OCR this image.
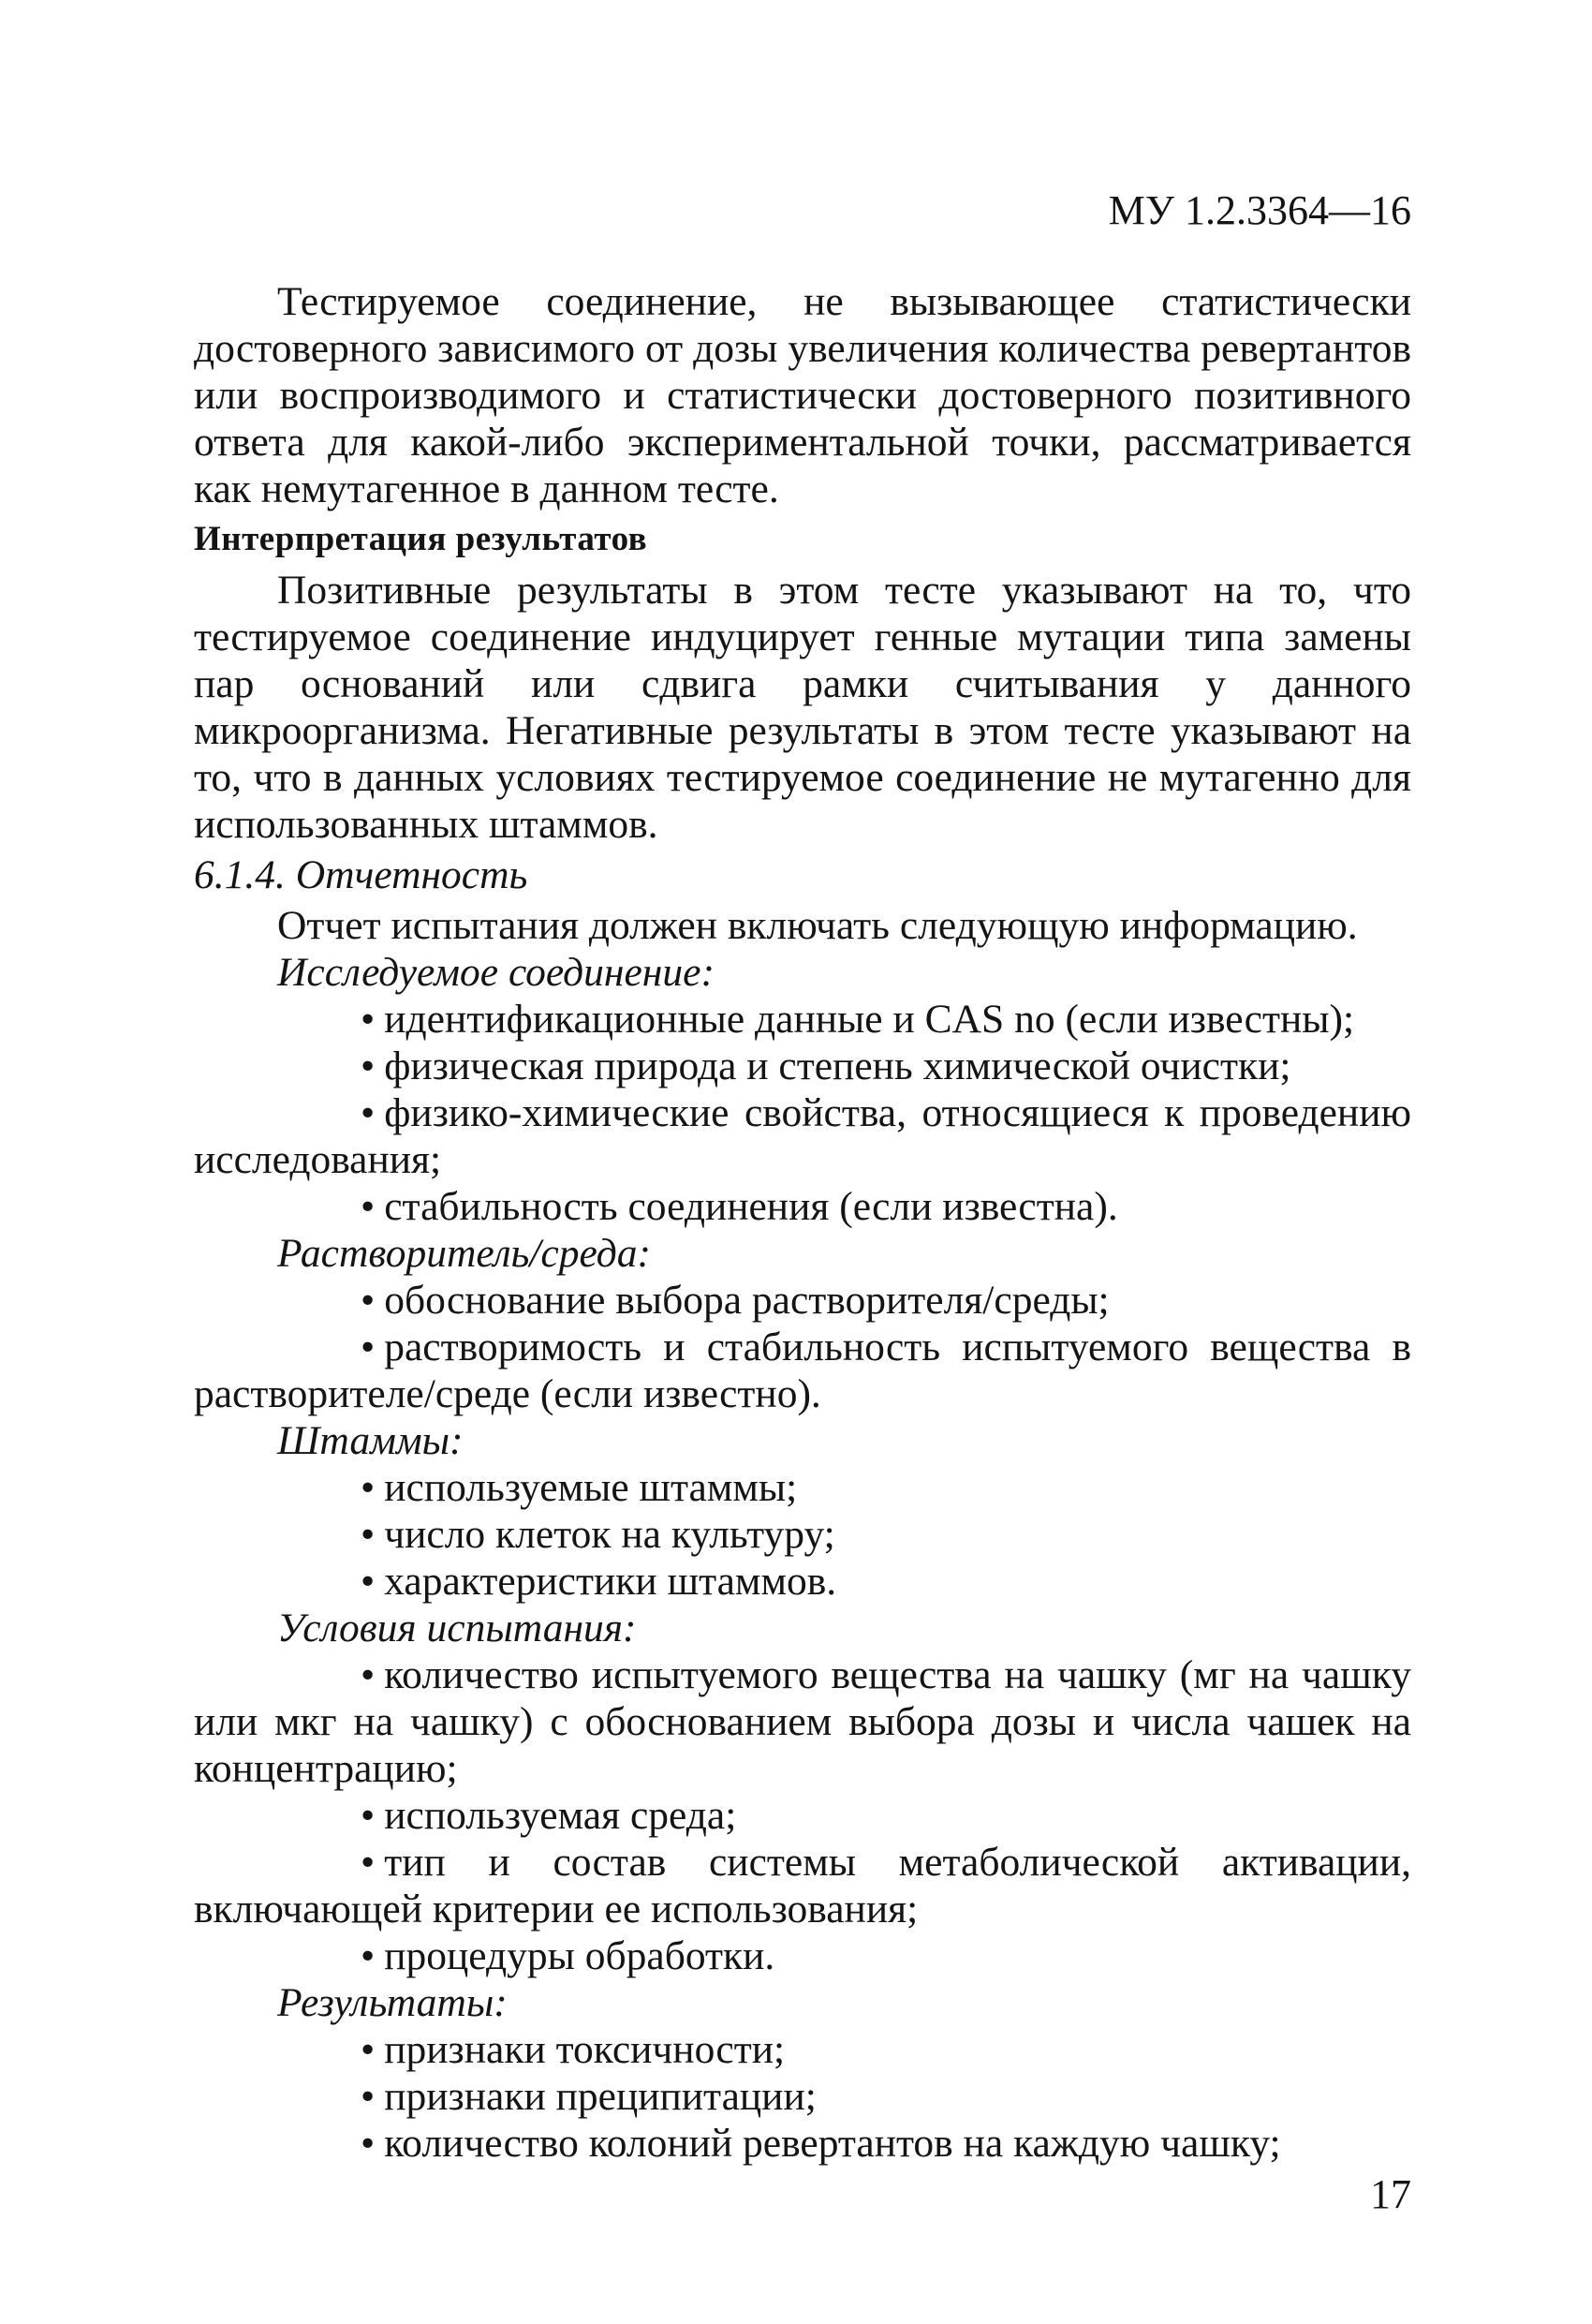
МУ 1.2.3364—16

Тестируемое соединение, не вызывающее статистически достоверного зависимого от дозы увеличения количества ревертантов или воспроизводимого и статистически достоверного позитивного ответа для какой-либо экспериментальной точки, рассматривается как немутагенное в данном тесте.

Интерпретация результатов

Позитивные результаты в этом тесте указывают на то, что тестируемое соединение индуцирует генные мутации типа замены пар оснований или сдвига рамки считывания у данного микроорганизма. Негативные результаты в этом тесте указывают на то, что в данных условиях тестируемое соединение не мутагенно для использованных штаммов.

6.1.4. Отчетность

Отчет испытания должен включать следующую информацию.

Исследуемое соединение:

• идентификационные данные и CAS no (если известны);

• физическая природа и степень химической очистки;

• физико-химические свойства, относящиеся к проведению исследования;

• стабильность соединения (если известна).

Растворитель/среда:

• обоснование выбора растворителя/среды;

• растворимость и стабильность испытуемого вещества в растворителе/среде (если известно).

Штаммы:

• используемые штаммы;

• число клеток на культуру;

• характеристики штаммов.

Условия испытания:

• количество испытуемого вещества на чашку (мг на чашку или мкг на чашку) с обоснованием выбора дозы и числа чашек на концентрацию;

• используемая среда;

• тип и состав системы метаболической активации, включающей критерии ее использования;

• процедуры обработки.

Результаты:

• признаки токсичности;

• признаки преципитации;

• количество колоний ревертантов на каждую чашку;

17
